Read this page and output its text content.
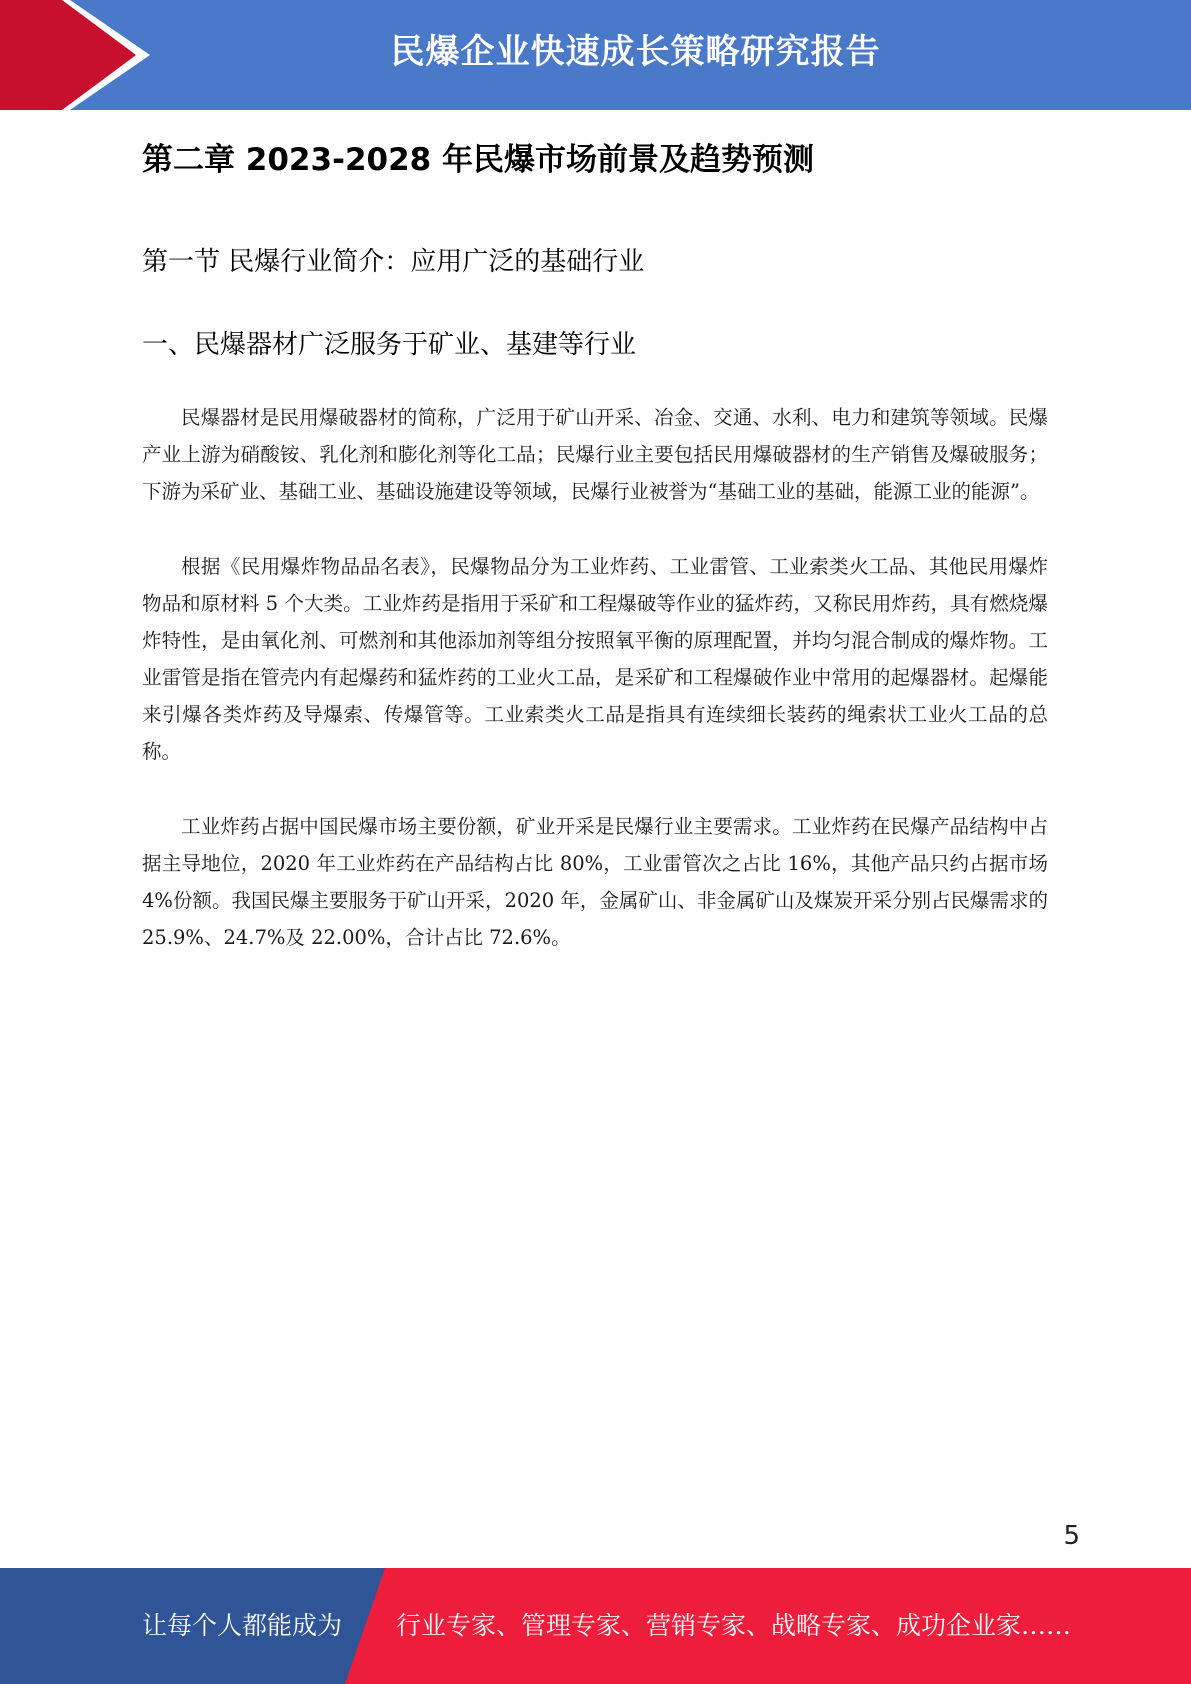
民爆企业快速成长策略研究报告
第二章 2023-2028 年民爆市场前景及趋势预测
第一节 民爆行业简介：应用广泛的基础行业
一、民爆器材广泛服务于矿业、基建等行业

民爆器材是民用爆破器材的简称，广泛用于矿山开采、冶金、交通、水利、电力和建筑等领域。民爆产业上游为硝酸铵、乳化剂和膨化剂等化工品；民爆行业主要包括民用爆破器材的生产销售及爆破服务；下游为采矿业、基础工业、基础设施建设等领域，民爆行业被誉为“基础工业的基础，能源工业的能源”。

根据《民用爆炸物品品名表》，民爆物品分为工业炸药、工业雷管、工业索类火工品、其他民用爆炸物品和原材料 5 个大类。工业炸药是指用于采矿和工程爆破等作业的猛炸药，又称民用炸药，具有燃烧爆炸特性，是由氧化剂、可燃剂和其他添加剂等组分按照氧平衡的原理配置，并均匀混合制成的爆炸物。工业雷管是指在管壳内有起爆药和猛炸药的工业火工品，是采矿和工程爆破作业中常用的起爆器材。起爆能来引爆各类炸药及导爆索、传爆管等。工业索类火工品是指具有连续细长装药的绳索状工业火工品的总称。

工业炸药占据中国民爆市场主要份额，矿业开采是民爆行业主要需求。工业炸药在民爆产品结构中占据主导地位，2020 年工业炸药在产品结构占比 80%，工业雷管次之占比 16%，其他产品只约占据市场 4%份额。我国民爆主要服务于矿山开采，2020 年，金属矿山、非金属矿山及煤炭开采分别占民爆需求的 25.9%、24.7%及 22.00%，合计占比 72.6%。

5
让每个人都能成为 行业专家、管理专家、营销专家、战略专家、成功企业家……
